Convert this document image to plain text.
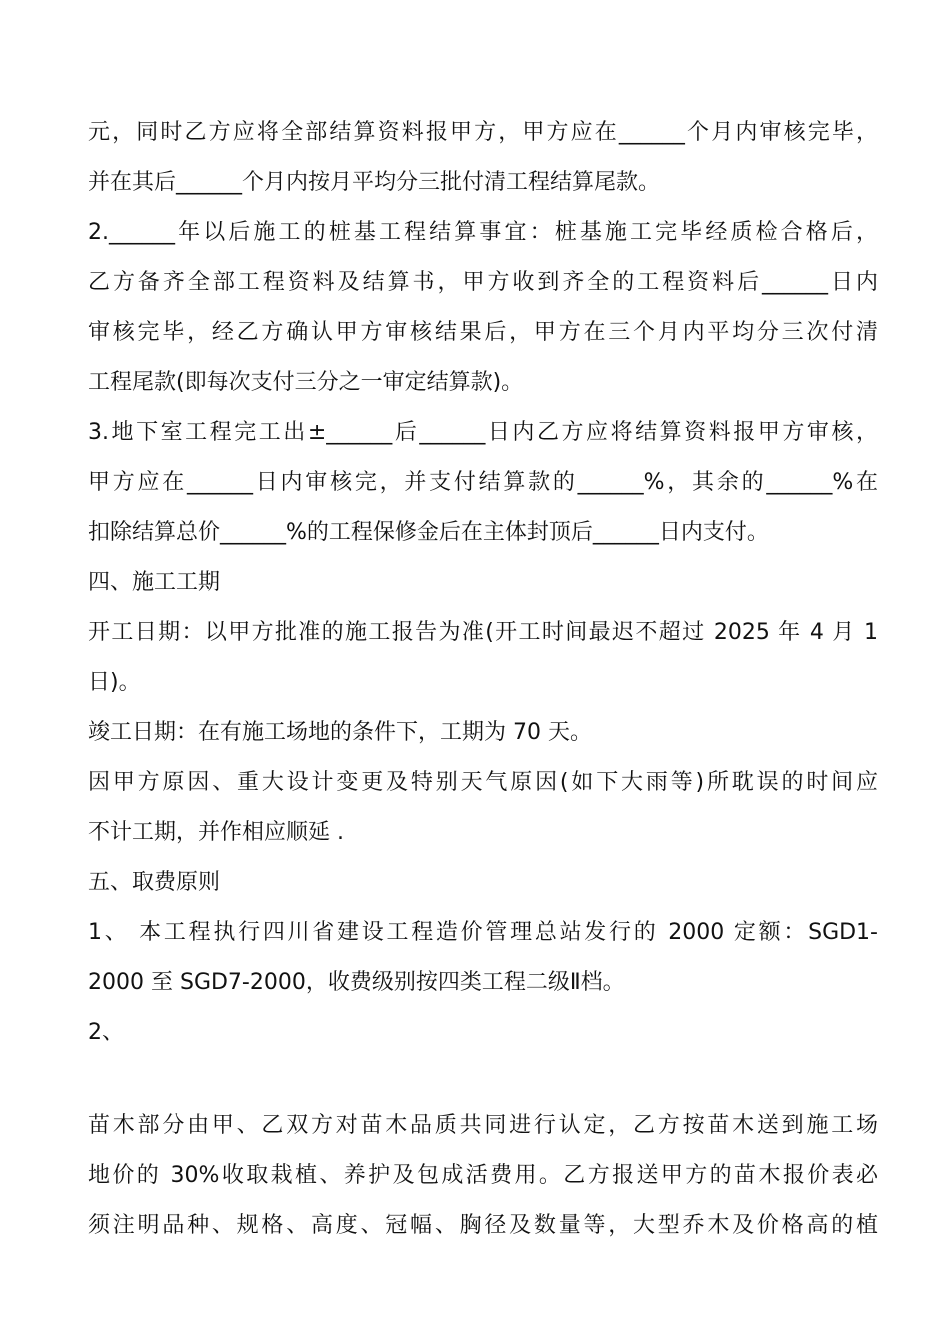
元，同时乙方应将全部结算资料报甲方，甲方应在______个月内审核完毕，
并在其后______个月内按月平均分三批付清工程结算尾款。
2.______年以后施工的桩基工程结算事宜：桩基施工完毕经质检合格后，
乙方备齐全部工程资料及结算书，甲方收到齐全的工程资料后______日内
审核完毕，经乙方确认甲方审核结果后，甲方在三个月内平均分三次付清
工程尾款(即每次支付三分之一审定结算款)。
3.地下室工程完工出±______后______日内乙方应将结算资料报甲方审核，
甲方应在______日内审核完，并支付结算款的______%，其余的______%在
扣除结算总价______%的工程保修金后在主体封顶后______日内支付。
四、施工工期
开工日期：以甲方批准的施工报告为准(开工时间最迟不超过 2025 年 4 月 1
日)。
竣工日期：在有施工场地的条件下，工期为 70 天。
因甲方原因、重大设计变更及特别天气原因(如下大雨等)所耽误的时间应
不计工期，并作相应顺延 .
五、取费原则
1、 本工程执行四川省建设工程造价管理总站发行的 2000 定额：SGD1-
2000 至 SGD7-2000，收费级别按四类工程二级Ⅱ档。
2、
苗木部分由甲、乙双方对苗木品质共同进行认定，乙方按苗木送到施工场
地价的 30%收取栽植、养护及包成活费用。乙方报送甲方的苗木报价表必
须注明品种、规格、高度、冠幅、胸径及数量等，大型乔木及价格高的植
